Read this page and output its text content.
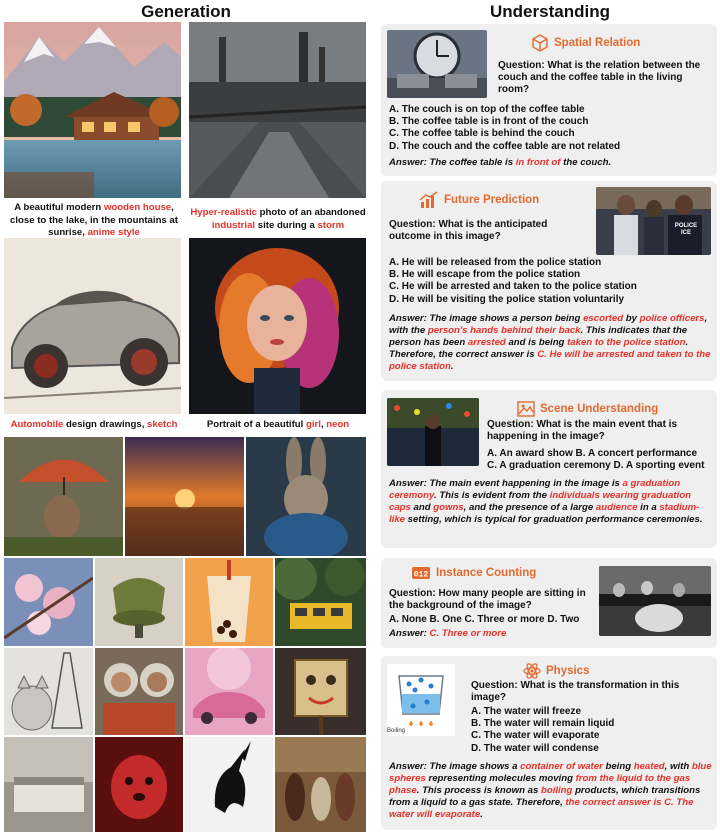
Generation	Understanding
A beautiful modern wooden house, close to the lake, in the mountains at sunrise, anime style
Hyper-realistic photo of an abandoned industrial site during a storm
Automobile design drawings, sketch	Portrait of a beautiful girl, neon
Spatial Relation
Question: What is the relation between the couch and the coffee table in the living room?
A. The couch is on top of the coffee table
B. The coffee table is in front of the couch
C. The coffee table is behind the couch
D. The couch and the coffee table are not related
Answer: The coffee table is in front of the couch.
Future Prediction
POLICE ICE
Question: What is the anticipated outcome in this image?
A. He will be released from the police station
B. He will escape from the police station
C. He will be arrested and taken to the police station
D. He will be visiting the police station voluntarily
Answer: The image shows a person being escorted by police officers, with the person's hands behind their back. This indicates that the person has been arrested and is being taken to the police station. Therefore, the correct answer is C. He will be arrested and taken to the police station.
Scene Understanding
Question: What is the main event that is happening in the image?
A. An award show B. A concert performance
C. A graduation ceremony D. A sporting event
Answer: The main event happening in the image is a graduation ceremony. This is evident from the individuals wearing graduation caps and gowns, and the presence of a large audience in a stadium-like setting, which is typical for graduation performance ceremonies.
012 Instance Counting
Question: How many people are sitting in the background of the image?
A. None B. One C. Three or more D. Two
Answer: C. Three or more
Boiling
Physics
Question: What is the transformation in this image?
A. The water will freeze
B. The water will remain liquid
C. The water will evaporate
D. The water will condense
Answer: The image shows a container of water being heated, with blue spheres representing molecules moving from the liquid to the gas phase. This process is known as boiling products, which transitions from a liquid to a gas state. Therefore, the correct answer is C. The water will evaporate.
